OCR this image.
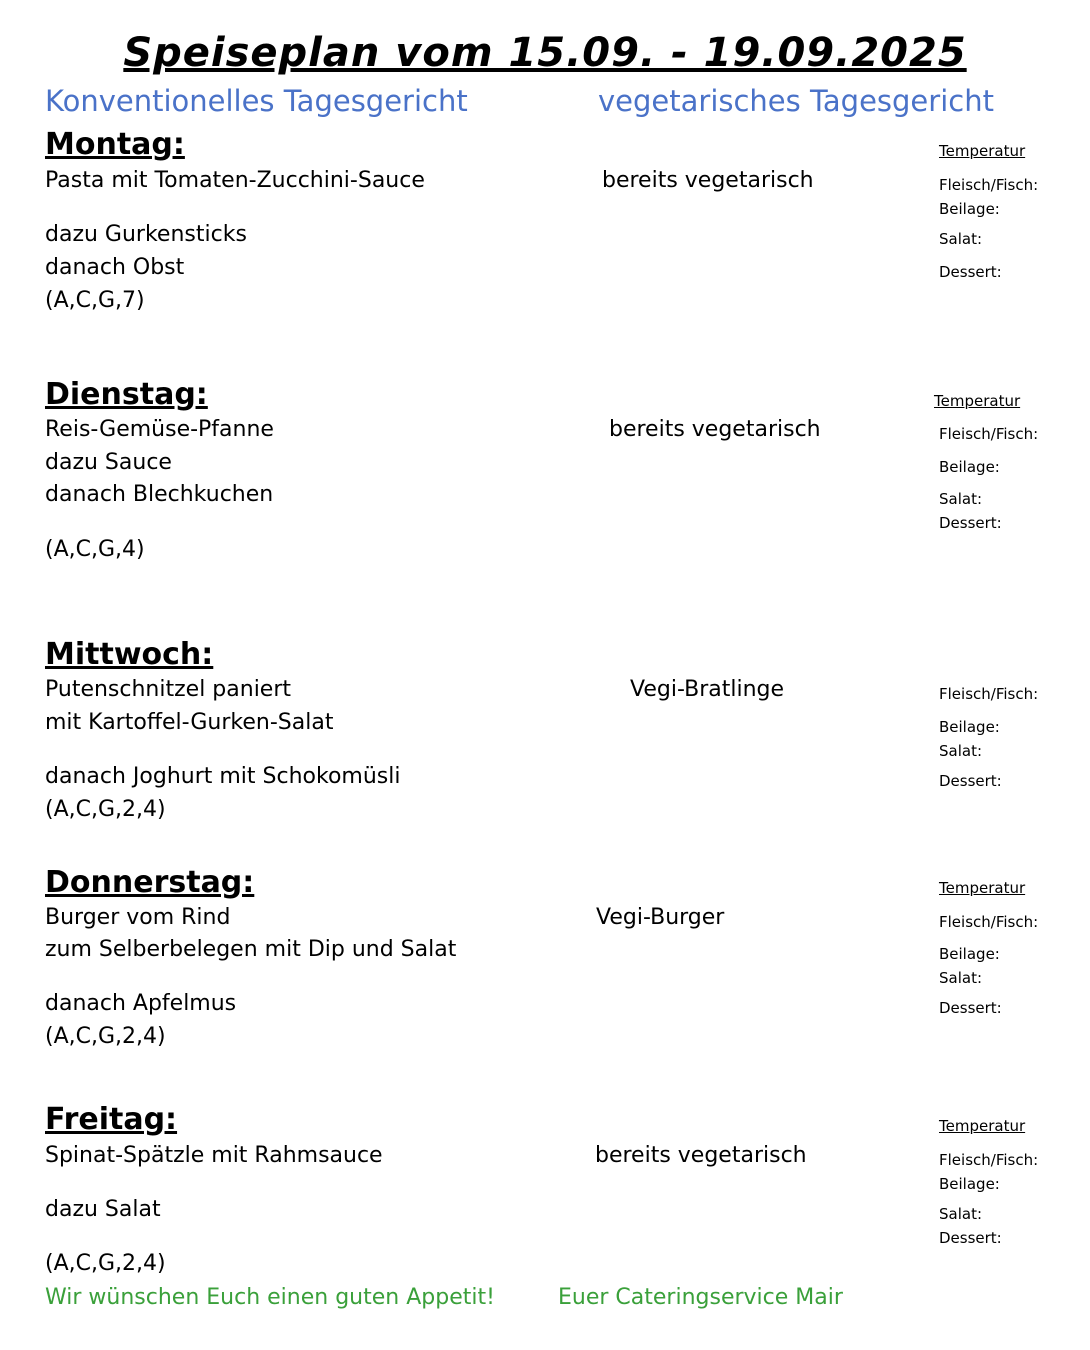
Speiseplan vom 15.09. - 19.09.2025
Konventionelles Tagesgericht	vegetarisches Tagesgericht
Montag:	Temperatur
Pasta mit Tomaten-Zucchini-Sauce	bereits vegetarisch	Fleisch/Fisch:
Beilage:
dazu Gurkensticks	Salat:
danach Obst	Dessert:
(A,C,G,7)
Dienstag:	Temperatur
Reis-Gemüse-Pfanne	bereits vegetarisch	Fleisch/Fisch:
dazu Sauce	Beilage:
danach Blechkuchen	Salat:
Dessert:
(A,C,G,4)
Mittwoch:
Putenschnitzel paniert	Vegi-Bratlinge	Fleisch/Fisch:
mit Kartoffel-Gurken-Salat	Beilage:
Salat:
danach Joghurt mit Schokomüsli	Dessert:
(A,C,G,2,4)
Donnerstag:	Temperatur
Burger vom Rind	Vegi-Burger	Fleisch/Fisch:
zum Selberbelegen mit Dip und Salat	Beilage:
Salat:
danach Apfelmus	Dessert:
(A,C,G,2,4)
Freitag:	Temperatur
Spinat-Spätzle mit Rahmsauce	bereits vegetarisch	Fleisch/Fisch:
Beilage:
dazu Salat	Salat:
Dessert:
(A,C,G,2,4)
Wir wünschen Euch einen guten Appetit!	Euer Cateringservice Mair
